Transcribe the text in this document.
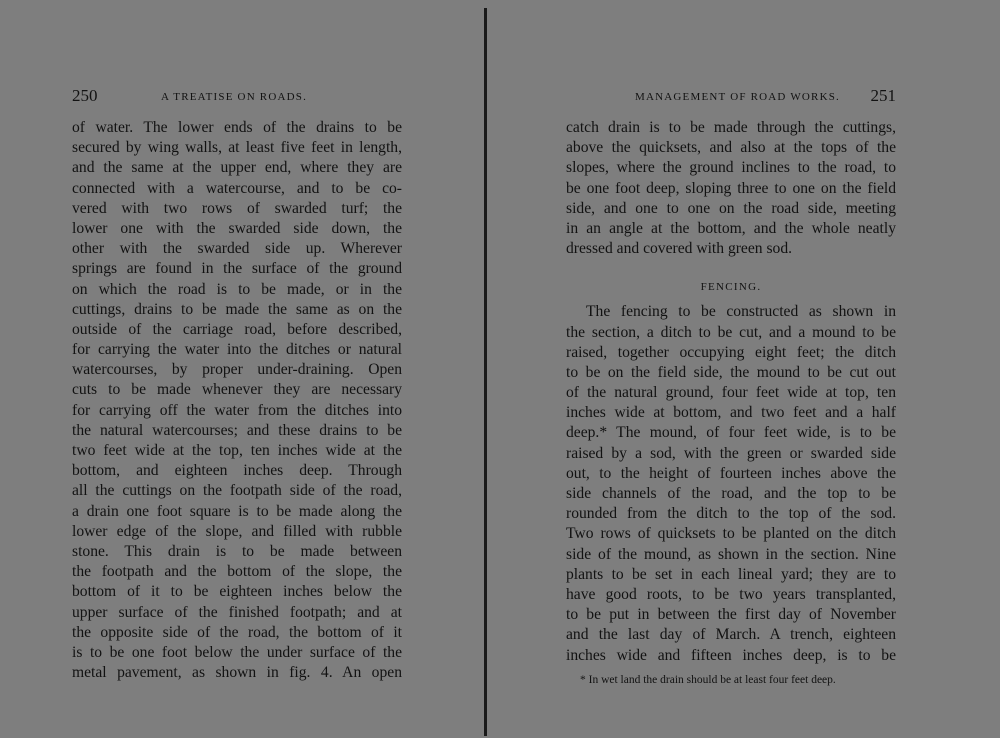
250	A TREATISE ON ROADS.
of water. The lower ends of the drains to be
secured by wing walls, at least five feet in length,
and the same at the upper end, where they are
connected with a watercourse, and to be co-
vered with two rows of swarded turf; the
lower one with the swarded side down, the
other with the swarded side up. Wherever
springs are found in the surface of the ground
on which the road is to be made, or in the
cuttings, drains to be made the same as on the
outside of the carriage road, before described,
for carrying the water into the ditches or natural
watercourses, by proper under-draining. Open
cuts to be made whenever they are necessary
for carrying off the water from the ditches into
the natural watercourses; and these drains to be
two feet wide at the top, ten inches wide at the
bottom, and eighteen inches deep. Through
all the cuttings on the footpath side of the road,
a drain one foot square is to be made along the
lower edge of the slope, and filled with rubble
stone. This drain is to be made between
the footpath and the bottom of the slope, the
bottom of it to be eighteen inches below the
upper surface of the finished footpath; and at
the opposite side of the road, the bottom of it
is to be one foot below the under surface of the
metal pavement, as shown in fig. 4. An open
MANAGEMENT OF ROAD WORKS. 251
catch drain is to be made through the cuttings,
above the quicksets, and also at the tops of the
slopes, where the ground inclines to the road, to
be one foot deep, sloping three to one on the field
side, and one to one on the road side, meeting
in an angle at the bottom, and the whole neatly
dressed and covered with green sod.
FENCING.
The fencing to be constructed as shown in
the section, a ditch to be cut, and a mound to be
raised, together occupying eight feet; the ditch
to be on the field side, the mound to be cut out
of the natural ground, four feet wide at top, ten
inches wide at bottom, and two feet and a half
deep.* The mound, of four feet wide, is to be
raised by a sod, with the green or swarded side
out, to the height of fourteen inches above the
side channels of the road, and the top to be
rounded from the ditch to the top of the sod.
Two rows of quicksets to be planted on the ditch
side of the mound, as shown in the section. Nine
plants to be set in each lineal yard; they are to
have good roots, to be two years transplanted,
to be put in between the first day of November
and the last day of March. A trench, eighteen
inches wide and fifteen inches deep, is to be
* In wet land the drain should be at least four feet deep.
